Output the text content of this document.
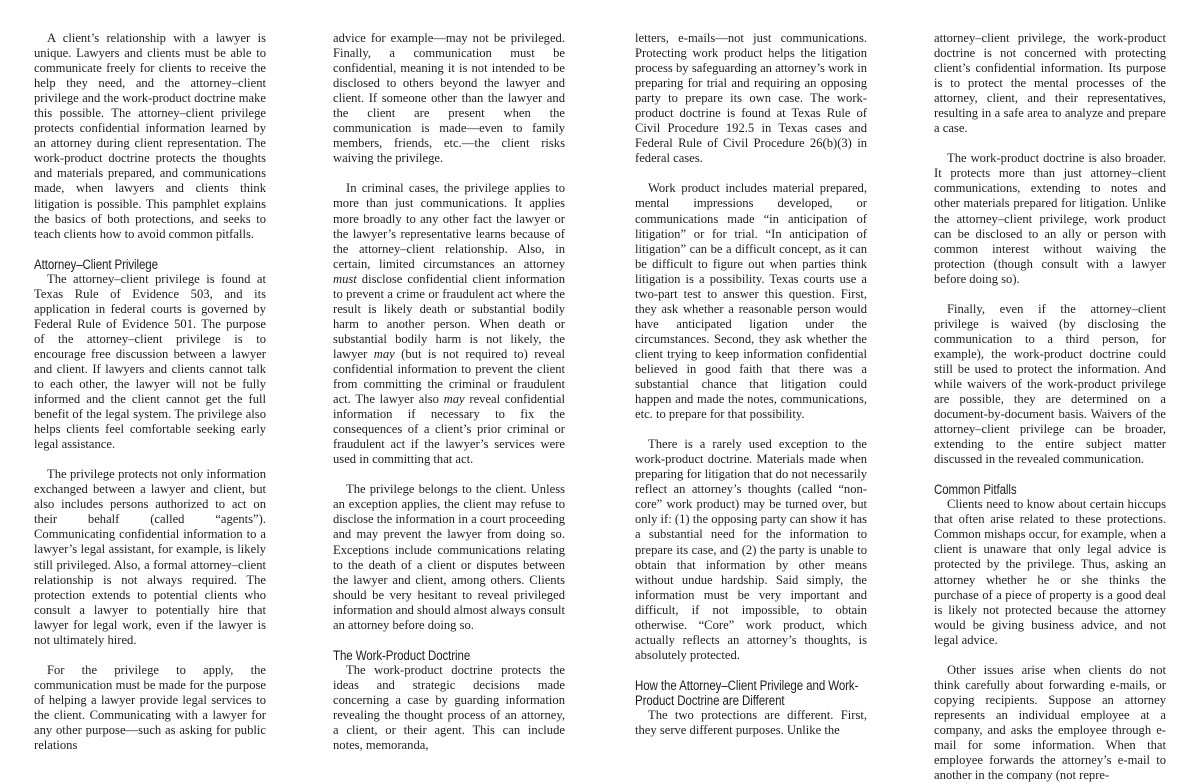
A client’s relationship with a lawyer is unique. Lawyers and clients must be able to communicate freely for clients to receive the help they need, and the attorney–client privilege and the work-product doctrine make this possible. The attorney–client privilege protects confidential information learned by an attorney during client representation. The work-product doctrine protects the thoughts and materials prepared, and communications made, when lawyers and clients think litigation is possible. This pamphlet explains the basics of both protections, and seeks to teach clients how to avoid common pitfalls.

Attorney–Client Privilege

The attorney–client privilege is found at Texas Rule of Evidence 503, and its application in federal courts is governed by Federal Rule of Evidence 501. The purpose of the attorney–client privilege is to encourage free discussion between a lawyer and client. If lawyers and clients cannot talk to each other, the lawyer will not be fully informed and the client cannot get the full benefit of the legal system. The privilege also helps clients feel comfortable seeking early legal assistance.

The privilege protects not only information exchanged between a lawyer and client, but also includes persons authorized to act on their behalf (called “agents”). Communicating confidential information to a lawyer’s legal assistant, for example, is likely still privileged. Also, a formal attorney–client relationship is not always required. The protection extends to potential clients who consult a lawyer to potentially hire that lawyer for legal work, even if the lawyer is not ultimately hired.

For the privilege to apply, the communication must be made for the purpose of helping a lawyer provide legal services to the client. Communicating with a lawyer for any other purpose—such as asking for public relations

advice for example—may not be privileged. Finally, a communication must be confidential, meaning it is not intended to be disclosed to others beyond the lawyer and client. If someone other than the lawyer and the client are present when the communication is made—even to family members, friends, etc.—the client risks waiving the privilege.

In criminal cases, the privilege applies to more than just communications. It applies more broadly to any other fact the lawyer or the lawyer’s representative learns because of the attorney–client relationship. Also, in certain, limited circumstances an attorney must disclose confidential client information to prevent a crime or fraudulent act where the result is likely death or substantial bodily harm to another person. When death or substantial bodily harm is not likely, the lawyer may (but is not required to) reveal confidential information to prevent the client from committing the criminal or fraudulent act. The lawyer also may reveal confidential information if necessary to fix the consequences of a client’s prior criminal or fraudulent act if the lawyer’s services were used in committing that act.

The privilege belongs to the client. Unless an exception applies, the client may refuse to disclose the information in a court proceeding and may prevent the lawyer from doing so. Exceptions include communications relating to the death of a client or disputes between the lawyer and client, among others. Clients should be very hesitant to reveal privileged information and should almost always consult an attorney before doing so.

The Work-Product Doctrine

The work-product doctrine protects the ideas and strategic decisions made concerning a case by guarding information revealing the thought process of an attorney, a client, or their agent. This can include notes, memoranda,

letters, e-mails—not just communications. Protecting work product helps the litigation process by safeguarding an attorney’s work in preparing for trial and requiring an opposing party to prepare its own case. The work-product doctrine is found at Texas Rule of Civil Procedure 192.5 in Texas cases and Federal Rule of Civil Procedure 26(b)(3) in federal cases.

Work product includes material prepared, mental impressions developed, or communications made “in anticipation of litigation” or for trial. “In anticipation of litigation” can be a difficult concept, as it can be difficult to figure out when parties think litigation is a possibility. Texas courts use a two-part test to answer this question. First, they ask whether a reasonable person would have anticipated ligation under the circumstances. Second, they ask whether the client trying to keep information confidential believed in good faith that there was a substantial chance that litigation could happen and made the notes, communications, etc. to prepare for that possibility.

There is a rarely used exception to the work-product doctrine. Materials made when preparing for litigation that do not necessarily reflect an attorney’s thoughts (called “non-core” work product) may be turned over, but only if: (1) the opposing party can show it has a substantial need for the information to prepare its case, and (2) the party is unable to obtain that information by other means without undue hardship. Said simply, the information must be very important and difficult, if not impossible, to obtain otherwise. “Core” work product, which actually reflects an attorney’s thoughts, is absolutely protected.

How the Attorney–Client Privilege and Work-
Product Doctrine are Different

The two protections are different. First, they serve different purposes. Unlike the

attorney–client privilege, the work-product doctrine is not concerned with protecting client’s confidential information. Its purpose is to protect the mental processes of the attorney, client, and their representatives, resulting in a safe area to analyze and prepare a case.

The work-product doctrine is also broader. It protects more than just attorney–client communications, extending to notes and other materials prepared for litigation. Unlike the attorney–client privilege, work product can be disclosed to an ally or person with common interest without waiving the protection (though consult with a lawyer before doing so).

Finally, even if the attorney–client privilege is waived (by disclosing the communication to a third person, for example), the work-product doctrine could still be used to protect the information. And while waivers of the work-product privilege are possible, they are determined on a document-by-document basis. Waivers of the attorney–client privilege can be broader, extending to the entire subject matter discussed in the revealed communication.

Common Pitfalls

Clients need to know about certain hiccups that often arise related to these protections. Common mishaps occur, for example, when a client is unaware that only legal advice is protected by the privilege. Thus, asking an attorney whether he or she thinks the purchase of a piece of property is a good deal is likely not protected because the attorney would be giving business advice, and not legal advice.

Other issues arise when clients do not think carefully about forwarding e-mails, or copying recipients. Suppose an attorney represents an individual employee at a company, and asks the employee through e-mail for some information. When that employee forwards the attorney’s e-mail to another in the company (not repre-
